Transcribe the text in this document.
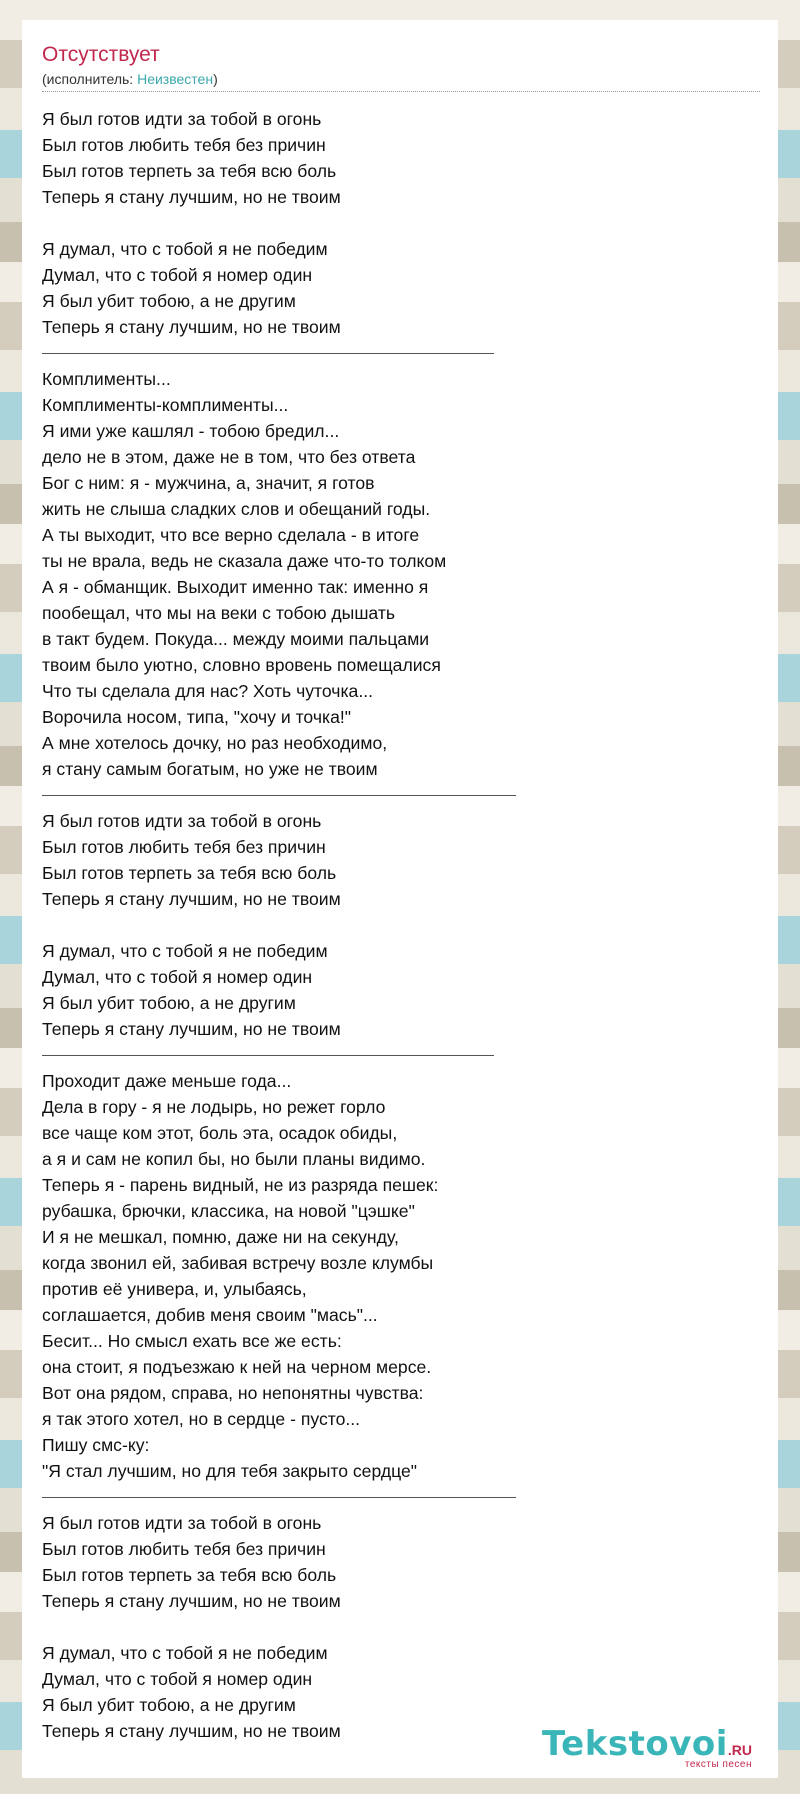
Отсутствует
(исполнитель: Неизвестен)
Я был готов идти за тобой в огонь
Был готов любить тебя без причин
Был готов терпеть за тебя всю боль
Теперь я стану лучшим, но не твоим
Я думал, что с тобой я не победим
Думал, что с тобой я номер один
Я был убит тобою, а не другим
Теперь я стану лучшим, но не твоим
Комплименты...
Комплименты-комплименты...
Я ими уже кашлял - тобою бредил...
дело не в этом, даже не в том, что без ответа
Бог с ним: я - мужчина, а, значит, я готов
жить не слыша сладких слов и обещаний годы.
А ты выходит, что все верно сделала - в итоге
ты не врала, ведь не сказала даже что-то толком
А я - обманщик. Выходит именно так: именно я
пообещал, что мы на веки с тобою дышать
в такт будем. Покуда... между моими пальцами
твоим было уютно, словно вровень помещалися
Что ты сделала для нас? Хоть чуточка...
Ворочила носом, типа, "хочу и точка!"
А мне хотелось дочку, но раз необходимо,
я стану самым богатым, но уже не твоим
Я был готов идти за тобой в огонь
Был готов любить тебя без причин
Был готов терпеть за тебя всю боль
Теперь я стану лучшим, но не твоим
Я думал, что с тобой я не победим
Думал, что с тобой я номер один
Я был убит тобою, а не другим
Теперь я стану лучшим, но не твоим
Проходит даже меньше года...
Дела в гору - я не лодырь, но режет горло
все чаще ком этот, боль эта, осадок обиды,
а я и сам не копил бы, но были планы видимо.
Теперь я - парень видный, не из разряда пешек:
рубашка, брючки, классика, на новой "цэшке"
И я не мешкал, помню, даже ни на секунду,
когда звонил ей, забивая встречу возле клумбы
против её универа, и, улыбаясь,
соглашается, добив меня своим "мась"...
Бесит... Но смысл ехать все же есть:
она стоит, я подъезжаю к ней на черном мерсе.
Вот она рядом, справа, но непонятны чувства:
я так этого хотел, но в сердце - пусто...
Пишу смс-ку:
"Я стал лучшим, но для тебя закрыто сердце"
Я был готов идти за тобой в огонь
Был готов любить тебя без причин
Был готов терпеть за тебя всю боль
Теперь я стану лучшим, но не твоим
Я думал, что с тобой я не победим
Думал, что с тобой я номер один
Я был убит тобою, а не другим
Теперь я стану лучшим, но не твоим	Tekstovoi.RU
тексты песен
